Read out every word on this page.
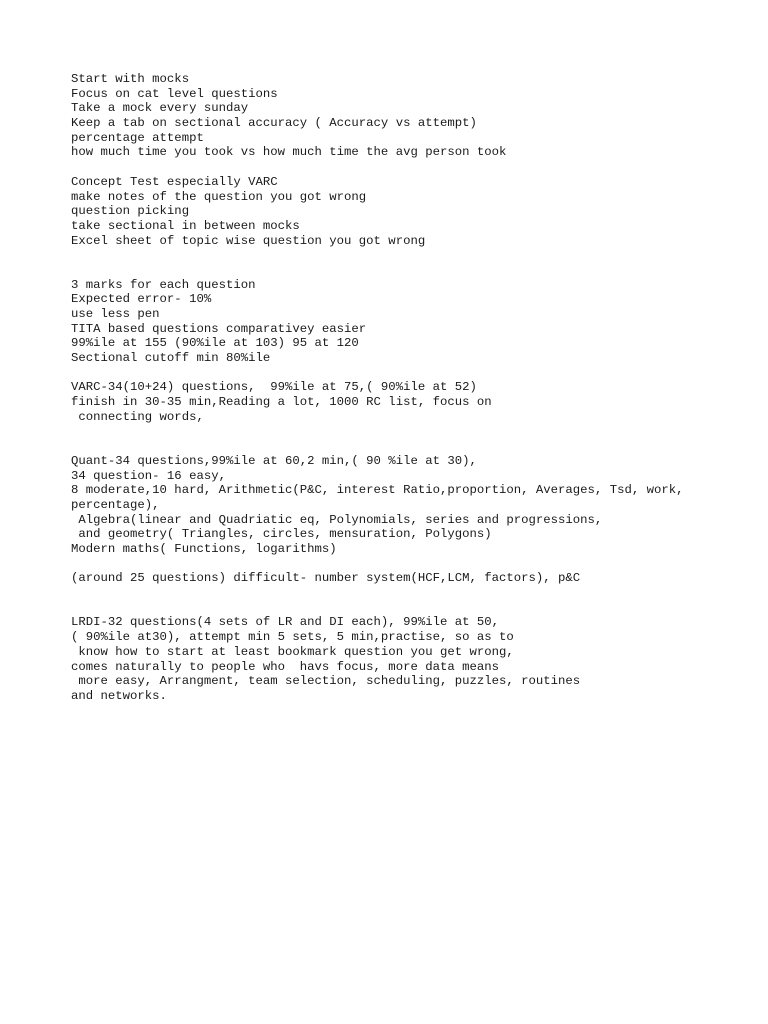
Start with mocks
Focus on cat level questions
Take a mock every sunday
Keep a tab on sectional accuracy ( Accuracy vs attempt)
percentage attempt
how much time you took vs how much time the avg person took
Concept Test especially VARC
make notes of the question you got wrong
question picking
take sectional in between mocks
Excel sheet of topic wise question you got wrong
3 marks for each question
Expected error- 10%
use less pen
TITA based questions comparativey easier
99%ile at 155 (90%ile at 103) 95 at 120
Sectional cutoff min 80%ile
VARC-34(10+24) questions,  99%ile at 75,( 90%ile at 52)
finish in 30-35 min,Reading a lot, 1000 RC list, focus on
connecting words,
Quant-34 questions,99%ile at 60,2 min,( 90 %ile at 30),
34 question- 16 easy,
8 moderate,10 hard, Arithmetic(P&C, interest Ratio,proportion, Averages, Tsd, work,
percentage),
Algebra(linear and Quadriatic eq, Polynomials, series and progressions,
and geometry( Triangles, circles, mensuration, Polygons)
Modern maths( Functions, logarithms)
(around 25 questions) difficult- number system(HCF,LCM, factors), p&C
LRDI-32 questions(4 sets of LR and DI each), 99%ile at 50,
( 90%ile at30), attempt min 5 sets, 5 min,practise, so as to
know how to start at least bookmark question you get wrong,
comes naturally to people who  havs focus, more data means
more easy, Arrangment, team selection, scheduling, puzzles, routines
and networks.
